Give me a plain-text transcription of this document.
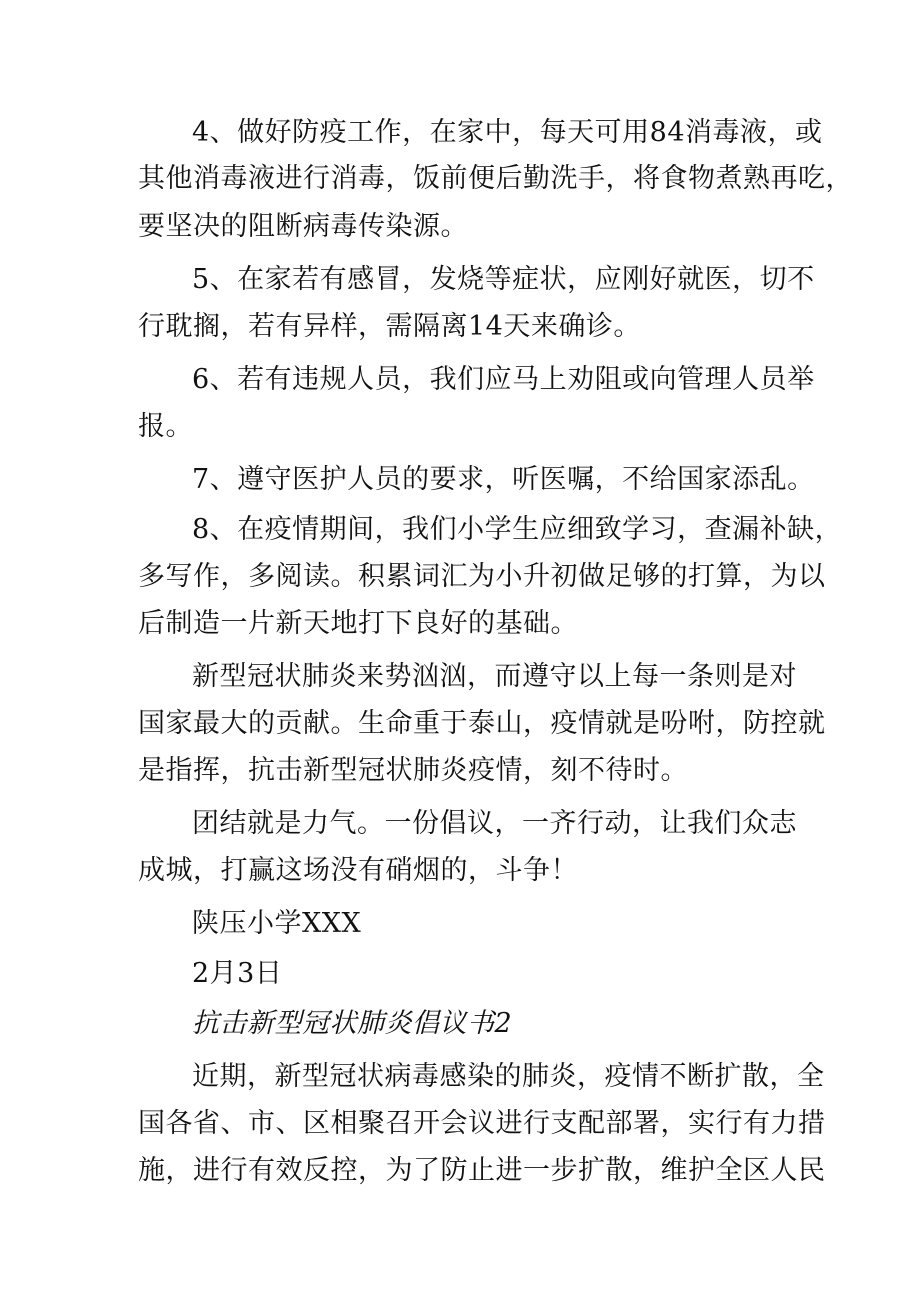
4、做好防疫工作，在家中，每天可用84消毒液，或
其他消毒液进行消毒，饭前便后勤洗手，将食物煮熟再吃，
要坚决的阻断病毒传染源。
5、在家若有感冒，发烧等症状，应刚好就医，切不
行耽搁，若有异样，需隔离14天来确诊。
6、若有违规人员，我们应马上劝阻或向管理人员举
报。
7、遵守医护人员的要求，听医嘱，不给国家添乱。
8、在疫情期间，我们小学生应细致学习，查漏补缺，
多写作，多阅读。积累词汇为小升初做足够的打算，为以
后制造一片新天地打下良好的基础。
新型冠状肺炎来势汹汹，而遵守以上每一条则是对
国家最大的贡献。生命重于泰山，疫情就是吩咐，防控就
是指挥，抗击新型冠状肺炎疫情，刻不待时。
团结就是力气。一份倡议，一齐行动，让我们众志
成城，打赢这场没有硝烟的，斗争！
陕压小学XXX
2月3日
抗击新型冠状肺炎倡议书2
近期，新型冠状病毒感染的肺炎，疫情不断扩散，全
国各省、市、区相聚召开会议进行支配部署，实行有力措
施，进行有效反控，为了防止进一步扩散，维护全区人民
